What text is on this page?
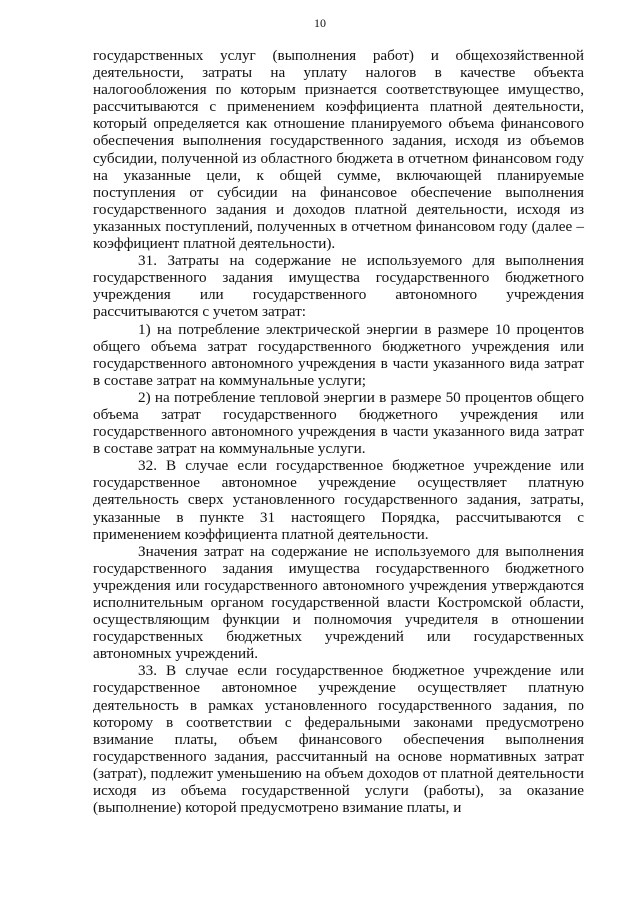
10

государственных услуг (выполнения работ) и общехозяйственной деятельности, затраты на уплату налогов в качестве объекта налогообложения по которым признается соответствующее имущество, рассчитываются с применением коэффициента платной деятельности, который определяется как отношение планируемого объема финансового обеспечения выполнения государственного задания, исходя из объемов субсидии, полученной из областного бюджета в отчетном финансовом году на указанные цели, к общей сумме, включающей планируемые поступления от субсидии на финансовое обеспечение выполнения государственного задания и доходов платной деятельности, исходя из указанных поступлений, полученных в отчетном финансовом году (далее – коэффициент платной деятельности).

31. Затраты на содержание не используемого для выполнения государственного задания имущества государственного бюджетного учреждения или государственного автономного учреждения рассчитываются с учетом затрат:

1) на потребление электрической энергии в размере 10 процентов общего объема затрат государственного бюджетного учреждения или государственного автономного учреждения в части указанного вида затрат в составе затрат на коммунальные услуги;

2) на потребление тепловой энергии в размере 50 процентов общего объема затрат государственного бюджетного учреждения или государственного автономного учреждения в части указанного вида затрат в составе затрат на коммунальные услуги.

32. В случае если государственное бюджетное учреждение или государственное автономное учреждение осуществляет платную деятельность сверх установленного государственного задания, затраты, указанные в пункте 31 настоящего Порядка, рассчитываются с применением коэффициента платной деятельности.

Значения затрат на содержание не используемого для выполнения государственного задания имущества государственного бюджетного учреждения или государственного автономного учреждения утверждаются исполнительным органом государственной власти Костромской области, осуществляющим функции и полномочия учредителя в отношении государственных бюджетных учреждений или государственных автономных учреждений.

33. В случае если государственное бюджетное учреждение или государственное автономное учреждение осуществляет платную деятельность в рамках установленного государственного задания, по которому в соответствии с федеральными законами предусмотрено взимание платы, объем финансового обеспечения выполнения государственного задания, рассчитанный на основе нормативных затрат (затрат), подлежит уменьшению на объем доходов от платной деятельности исходя из объема государственной услуги (работы), за оказание (выполнение) которой предусмотрено взимание платы, и
